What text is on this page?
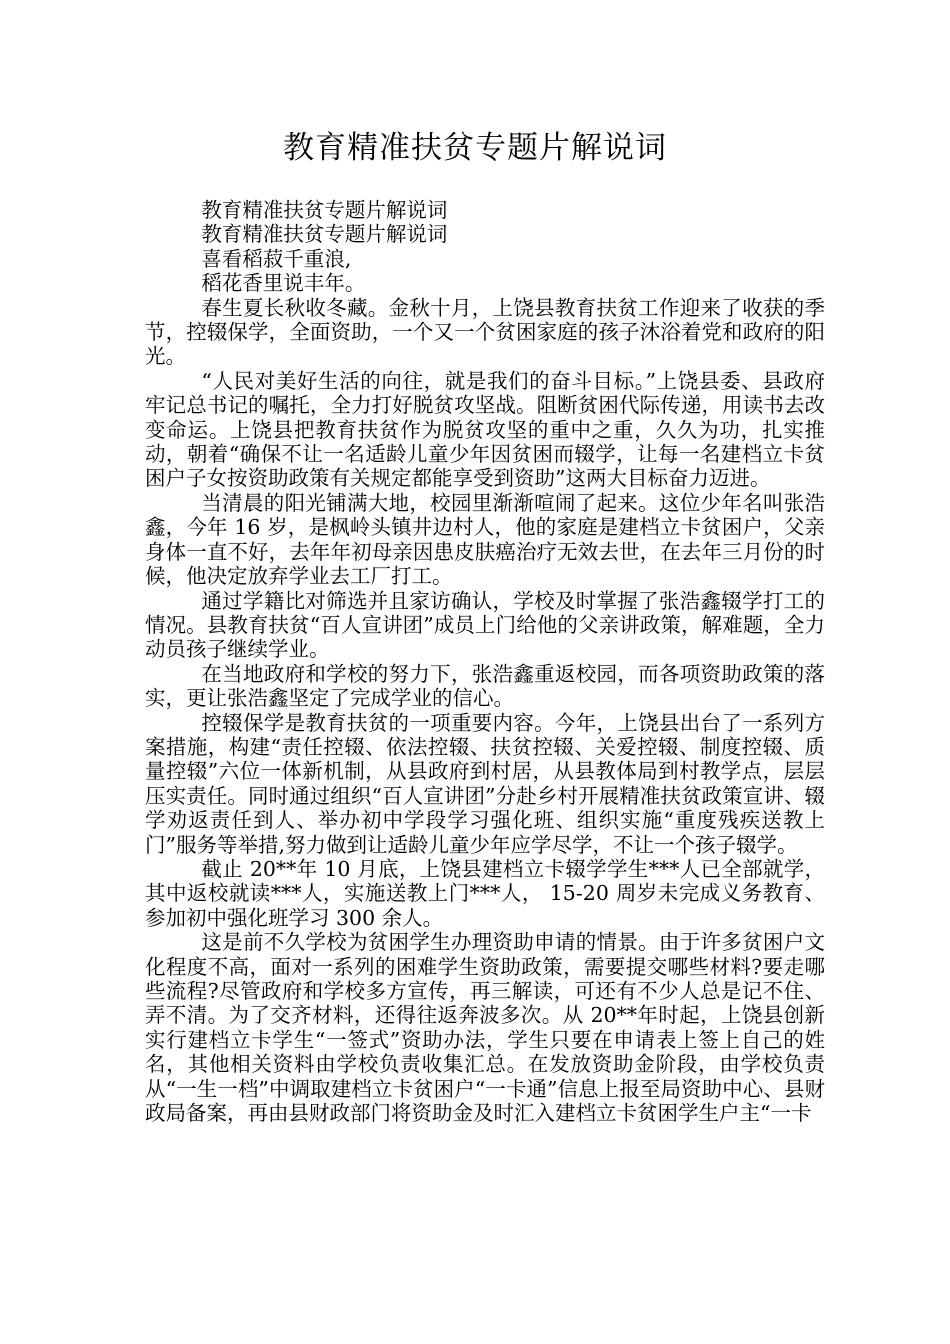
教育精准扶贫专题片解说词

教育精准扶贫专题片解说词

教育精准扶贫专题片解说词

喜看稻菽千重浪,

稻花香里说丰年。

春生夏长秋收冬藏。金秋十月，上饶县教育扶贫工作迎来了收获的季节，控辍保学，全面资助，一个又一个贫困家庭的孩子沐浴着党和政府的阳光。

“人民对美好生活的向往，就是我们的奋斗目标。”上饶县委、县政府牢记总书记的嘱托，全力打好脱贫攻坚战。阻断贫困代际传递，用读书去改变命运。上饶县把教育扶贫作为脱贫攻坚的重中之重，久久为功，扎实推动，朝着“确保不让一名适龄儿童少年因贫困而辍学，让每一名建档立卡贫困户子女按资助政策有关规定都能享受到资助”这两大目标奋力迈进。

当清晨的阳光铺满大地，校园里渐渐喧闹了起来。这位少年名叫张浩鑫，今年 16 岁，是枫岭头镇井边村人，他的家庭是建档立卡贫困户，父亲身体一直不好，去年年初母亲因患皮肤癌治疗无效去世，在去年三月份的时候，他决定放弃学业去工厂打工。

通过学籍比对筛选并且家访确认，学校及时掌握了张浩鑫辍学打工的情况。县教育扶贫“百人宣讲团”成员上门给他的父亲讲政策，解难题，全力动员孩子继续学业。

在当地政府和学校的努力下，张浩鑫重返校园，而各项资助政策的落实，更让张浩鑫坚定了完成学业的信心。

控辍保学是教育扶贫的一项重要内容。今年，上饶县出台了一系列方案措施，构建“责任控辍、依法控辍、扶贫控辍、关爱控辍、制度控辍、质量控辍”六位一体新机制，从县政府到村居，从县教体局到村教学点，层层压实责任。同时通过组织“百人宣讲团”分赴乡村开展精准扶贫政策宣讲、辍学劝返责任到人、举办初中学段学习强化班、组织实施“重度残疾送教上门”服务等举措,努力做到让适龄儿童少年应学尽学，不让一个孩子辍学。

截止 20**年 10 月底，上饶县建档立卡辍学学生***人已全部就学，其中返校就读***人，实施送教上门***人， 15-20 周岁未完成义务教育、参加初中强化班学习 300 余人。

这是前不久学校为贫困学生办理资助申请的情景。由于许多贫困户文化程度不高，面对一系列的困难学生资助政策，需要提交哪些材料?要走哪些流程?尽管政府和学校多方宣传，再三解读，可还有不少人总是记不住、弄不清。为了交齐材料，还得往返奔波多次。从 20**年时起，上饶县创新实行建档立卡学生“一签式”资助办法，学生只要在申请表上签上自己的姓名，其他相关资料由学校负责收集汇总。在发放资助金阶段，由学校负责从“一生一档”中调取建档立卡贫困户“一卡通”信息上报至局资助中心、县财政局备案，再由县财政部门将资助金及时汇入建档立卡贫困学生户主“一卡
